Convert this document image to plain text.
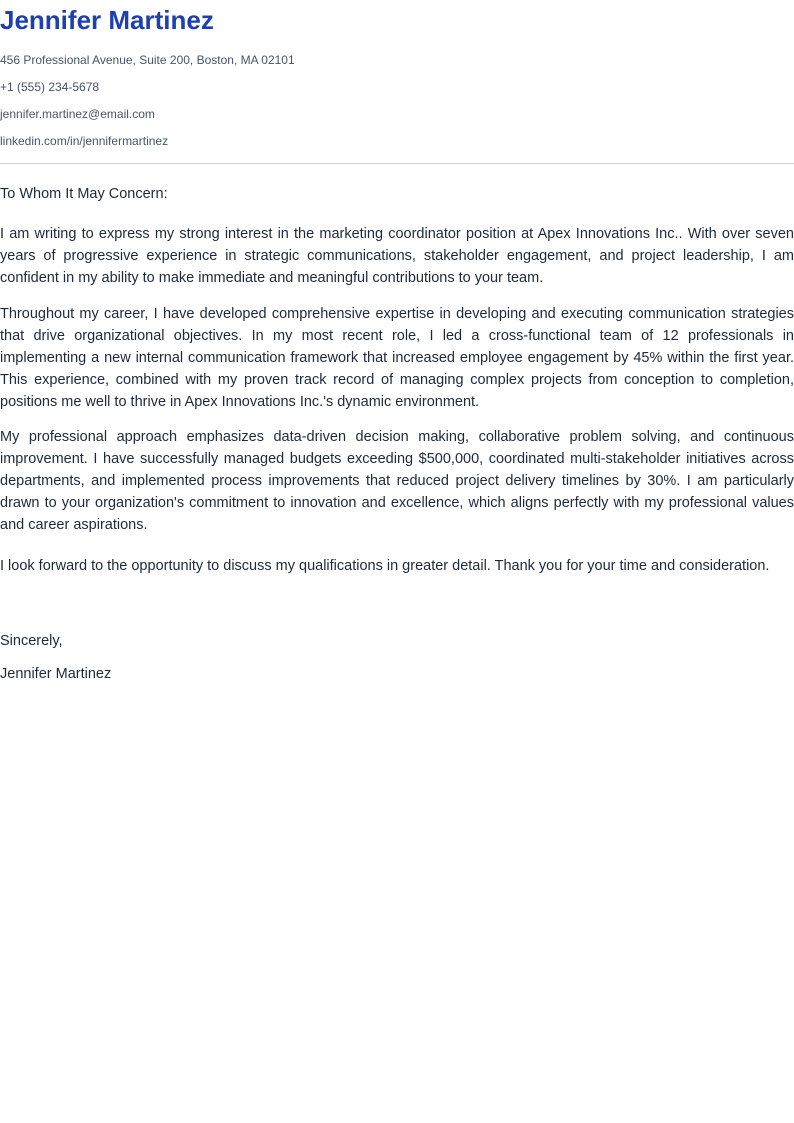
Jennifer Martinez
456 Professional Avenue, Suite 200, Boston, MA 02101
+1 (555) 234-5678
jennifer.martinez@email.com
linkedin.com/in/jennifermartinez
To Whom It May Concern:

I am writing to express my strong interest in the marketing coordinator position at Apex Innovations Inc.. With over seven years of progressive experience in strategic communications, stakeholder engagement, and project leadership, I am confident in my ability to make immediate and meaningful contributions to your team.

Throughout my career, I have developed comprehensive expertise in developing and executing communication strategies that drive organizational objectives. In my most recent role, I led a cross-functional team of 12 professionals in implementing a new internal communication framework that increased employee engagement by 45% within the first year. This experience, combined with my proven track record of managing complex projects from conception to completion, positions me well to thrive in Apex Innovations Inc.'s dynamic environment.

My professional approach emphasizes data-driven decision making, collaborative problem solving, and continuous improvement. I have successfully managed budgets exceeding $500,000, coordinated multi-stakeholder initiatives across departments, and implemented process improvements that reduced project delivery timelines by 30%. I am particularly drawn to your organization's commitment to innovation and excellence, which aligns perfectly with my professional values and career aspirations.

I look forward to the opportunity to discuss my qualifications in greater detail. Thank you for your time and consideration.

Sincerely,
Jennifer Martinez
